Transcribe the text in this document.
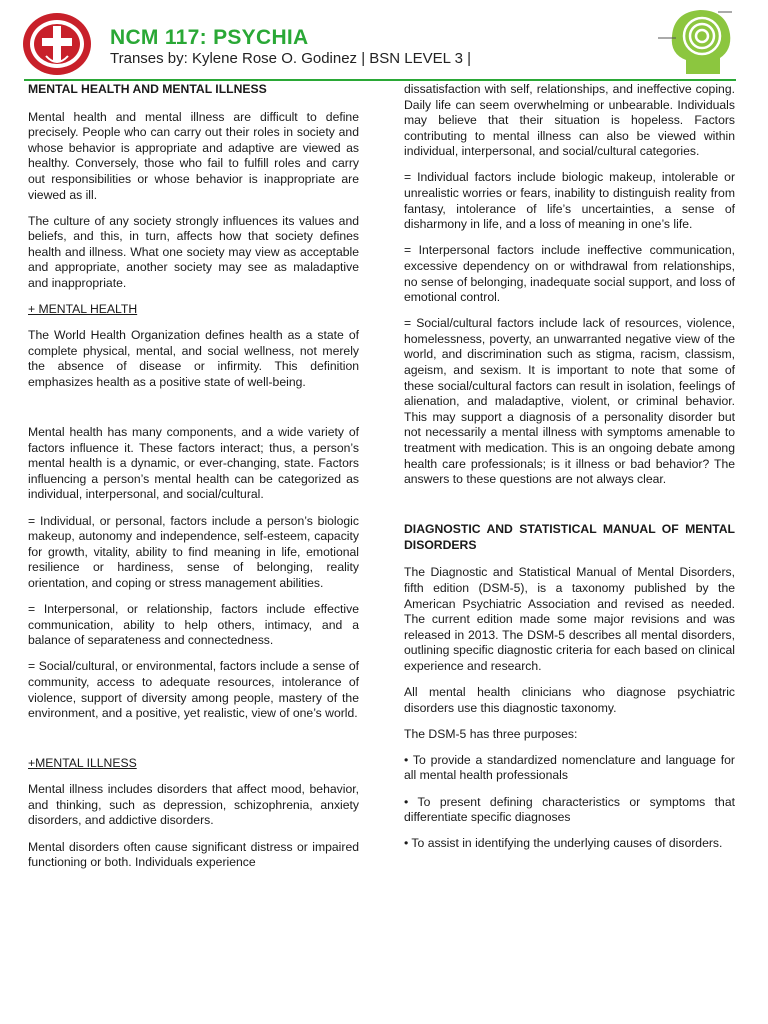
NCM 117: PSYCHIA
Transes by: Kylene Rose O. Godinez | BSN LEVEL 3 |
MENTAL HEALTH AND MENTAL ILLNESS

Mental health and mental illness are difficult to define precisely. People who can carry out their roles in society and whose behavior is appropriate and adaptive are viewed as healthy. Conversely, those who fail to fulfill roles and carry out responsibilities or whose behavior is inappropriate are viewed as ill.

The culture of any society strongly influences its values and beliefs, and this, in turn, affects how that society defines health and illness. What one society may view as acceptable and appropriate, another society may see as maladaptive and inappropriate.

+ MENTAL HEALTH

The World Health Organization defines health as a state of complete physical, mental, and social wellness, not merely the absence of disease or infirmity. This definition emphasizes health as a positive state of well-being.

Mental health has many components, and a wide variety of factors influence it. These factors interact; thus, a person’s mental health is a dynamic, or ever-changing, state. Factors influencing a person’s mental health can be categorized as individual, interpersonal, and social/cultural.

= Individual, or personal, factors include a person’s biologic makeup, autonomy and independence, self-esteem, capacity for growth, vitality, ability to find meaning in life, emotional resilience or hardiness, sense of belonging, reality orientation, and coping or stress management abilities.

= Interpersonal, or relationship, factors include effective communication, ability to help others, intimacy, and a balance of separateness and connectedness.

= Social/cultural, or environmental, factors include a sense of community, access to adequate resources, intolerance of violence, support of diversity among people, mastery of the environment, and a positive, yet realistic, view of one’s world.

+MENTAL ILLNESS

Mental illness includes disorders that affect mood, behavior, and thinking, such as depression, schizophrenia, anxiety disorders, and addictive disorders.

Mental disorders often cause significant distress or impaired functioning or both. Individuals experience

dissatisfaction with self, relationships, and ineffective coping. Daily life can seem overwhelming or unbearable. Individuals may believe that their situation is hopeless. Factors contributing to mental illness can also be viewed within individual, interpersonal, and social/cultural categories.

= Individual factors include biologic makeup, intolerable or unrealistic worries or fears, inability to distinguish reality from fantasy, intolerance of life’s uncertainties, a sense of disharmony in life, and a loss of meaning in one’s life.

= Interpersonal factors include ineffective communication, excessive dependency on or withdrawal from relationships, no sense of belonging, inadequate social support, and loss of emotional control.

= Social/cultural factors include lack of resources, violence, homelessness, poverty, an unwarranted negative view of the world, and discrimination such as stigma, racism, classism, ageism, and sexism. It is important to note that some of these social/cultural factors can result in isolation, feelings of alienation, and maladaptive, violent, or criminal behavior. This may support a diagnosis of a personality disorder but not necessarily a mental illness with symptoms amenable to treatment with medication. This is an ongoing debate among health care professionals; is it illness or bad behavior? The answers to these questions are not always clear.

DIAGNOSTIC AND STATISTICAL MANUAL OF MENTAL DISORDERS

The Diagnostic and Statistical Manual of Mental Disorders, fifth edition (DSM-5), is a taxonomy published by the American Psychiatric Association and revised as needed. The current edition made some major revisions and was released in 2013. The DSM-5 describes all mental disorders, outlining specific diagnostic criteria for each based on clinical experience and research.

All mental health clinicians who diagnose psychiatric disorders use this diagnostic taxonomy.

The DSM-5 has three purposes:

• To provide a standardized nomenclature and language for all mental health professionals

• To present defining characteristics or symptoms that differentiate specific diagnoses

• To assist in identifying the underlying causes of disorders.
